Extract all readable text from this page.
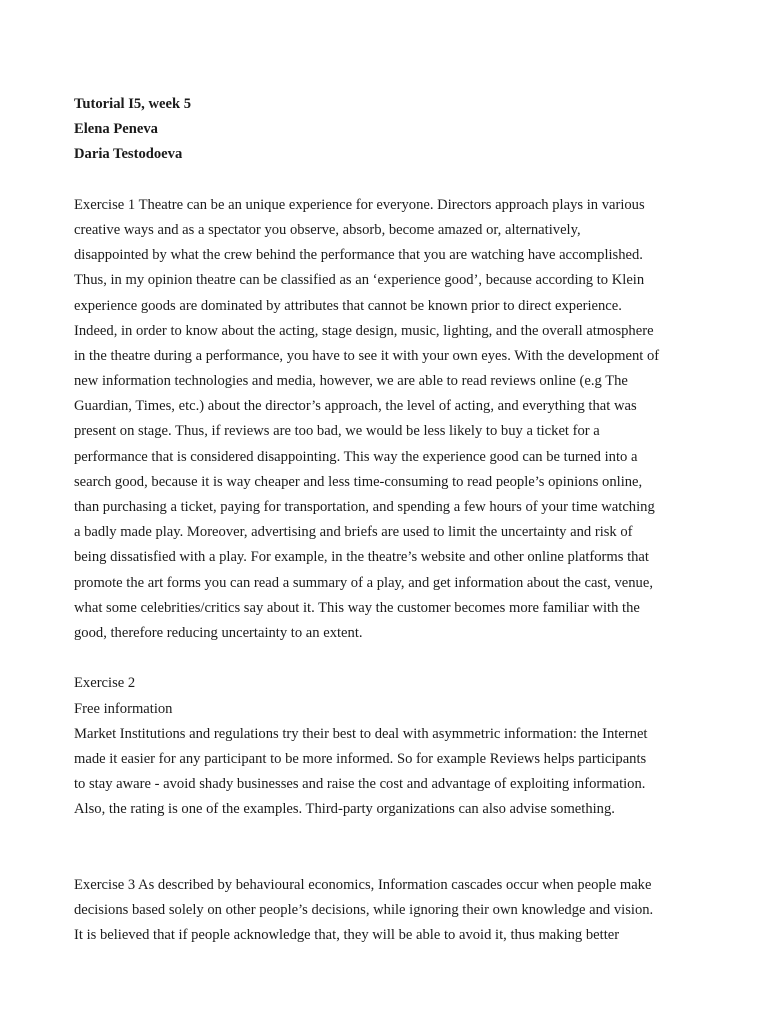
Tutorial I5, week 5
Elena Peneva
Daria Testodoeva
Exercise 1 Theatre can be an unique experience for everyone. Directors approach plays in various
creative ways and as a spectator you observe, absorb, become amazed or, alternatively,
disappointed by what the crew behind the performance that you are watching have accomplished.
Thus, in my opinion theatre can be classified as an ‘experience good’, because according to Klein
experience goods are dominated by attributes that cannot be known prior to direct experience.
Indeed, in order to know about the acting, stage design, music, lighting, and the overall atmosphere
in the theatre during a performance, you have to see it with your own eyes. With the development of
new information technologies and media, however, we are able to read reviews online (e.g The
Guardian, Times, etc.) about the director’s approach, the level of acting, and everything that was
present on stage. Thus, if reviews are too bad, we would be less likely to buy a ticket for a
performance that is considered disappointing. This way the experience good can be turned into a
search good, because it is way cheaper and less time-consuming to read people’s opinions online,
than purchasing a ticket, paying for transportation, and spending a few hours of your time watching
a badly made play. Moreover, advertising and briefs are used to limit the uncertainty and risk of
being dissatisfied with a play. For example, in the theatre’s website and other online platforms that
promote the art forms you can read a summary of a play, and get information about the cast, venue,
what some celebrities/critics say about it. This way the customer becomes more familiar with the
good, therefore reducing uncertainty to an extent.
Exercise 2
Free information
Market Institutions and regulations try their best to deal with asymmetric information: the Internet
made it easier for any participant to be more informed. So for example Reviews helps participants
to stay aware - avoid shady businesses and raise the cost and advantage of exploiting information.
Also, the rating is one of the examples. Third-party organizations can also advise something.
Exercise 3 As described by behavioural economics, Information cascades occur when people make
decisions based solely on other people’s decisions, while ignoring their own knowledge and vision.
It is believed that if people acknowledge that, they will be able to avoid it, thus making better
